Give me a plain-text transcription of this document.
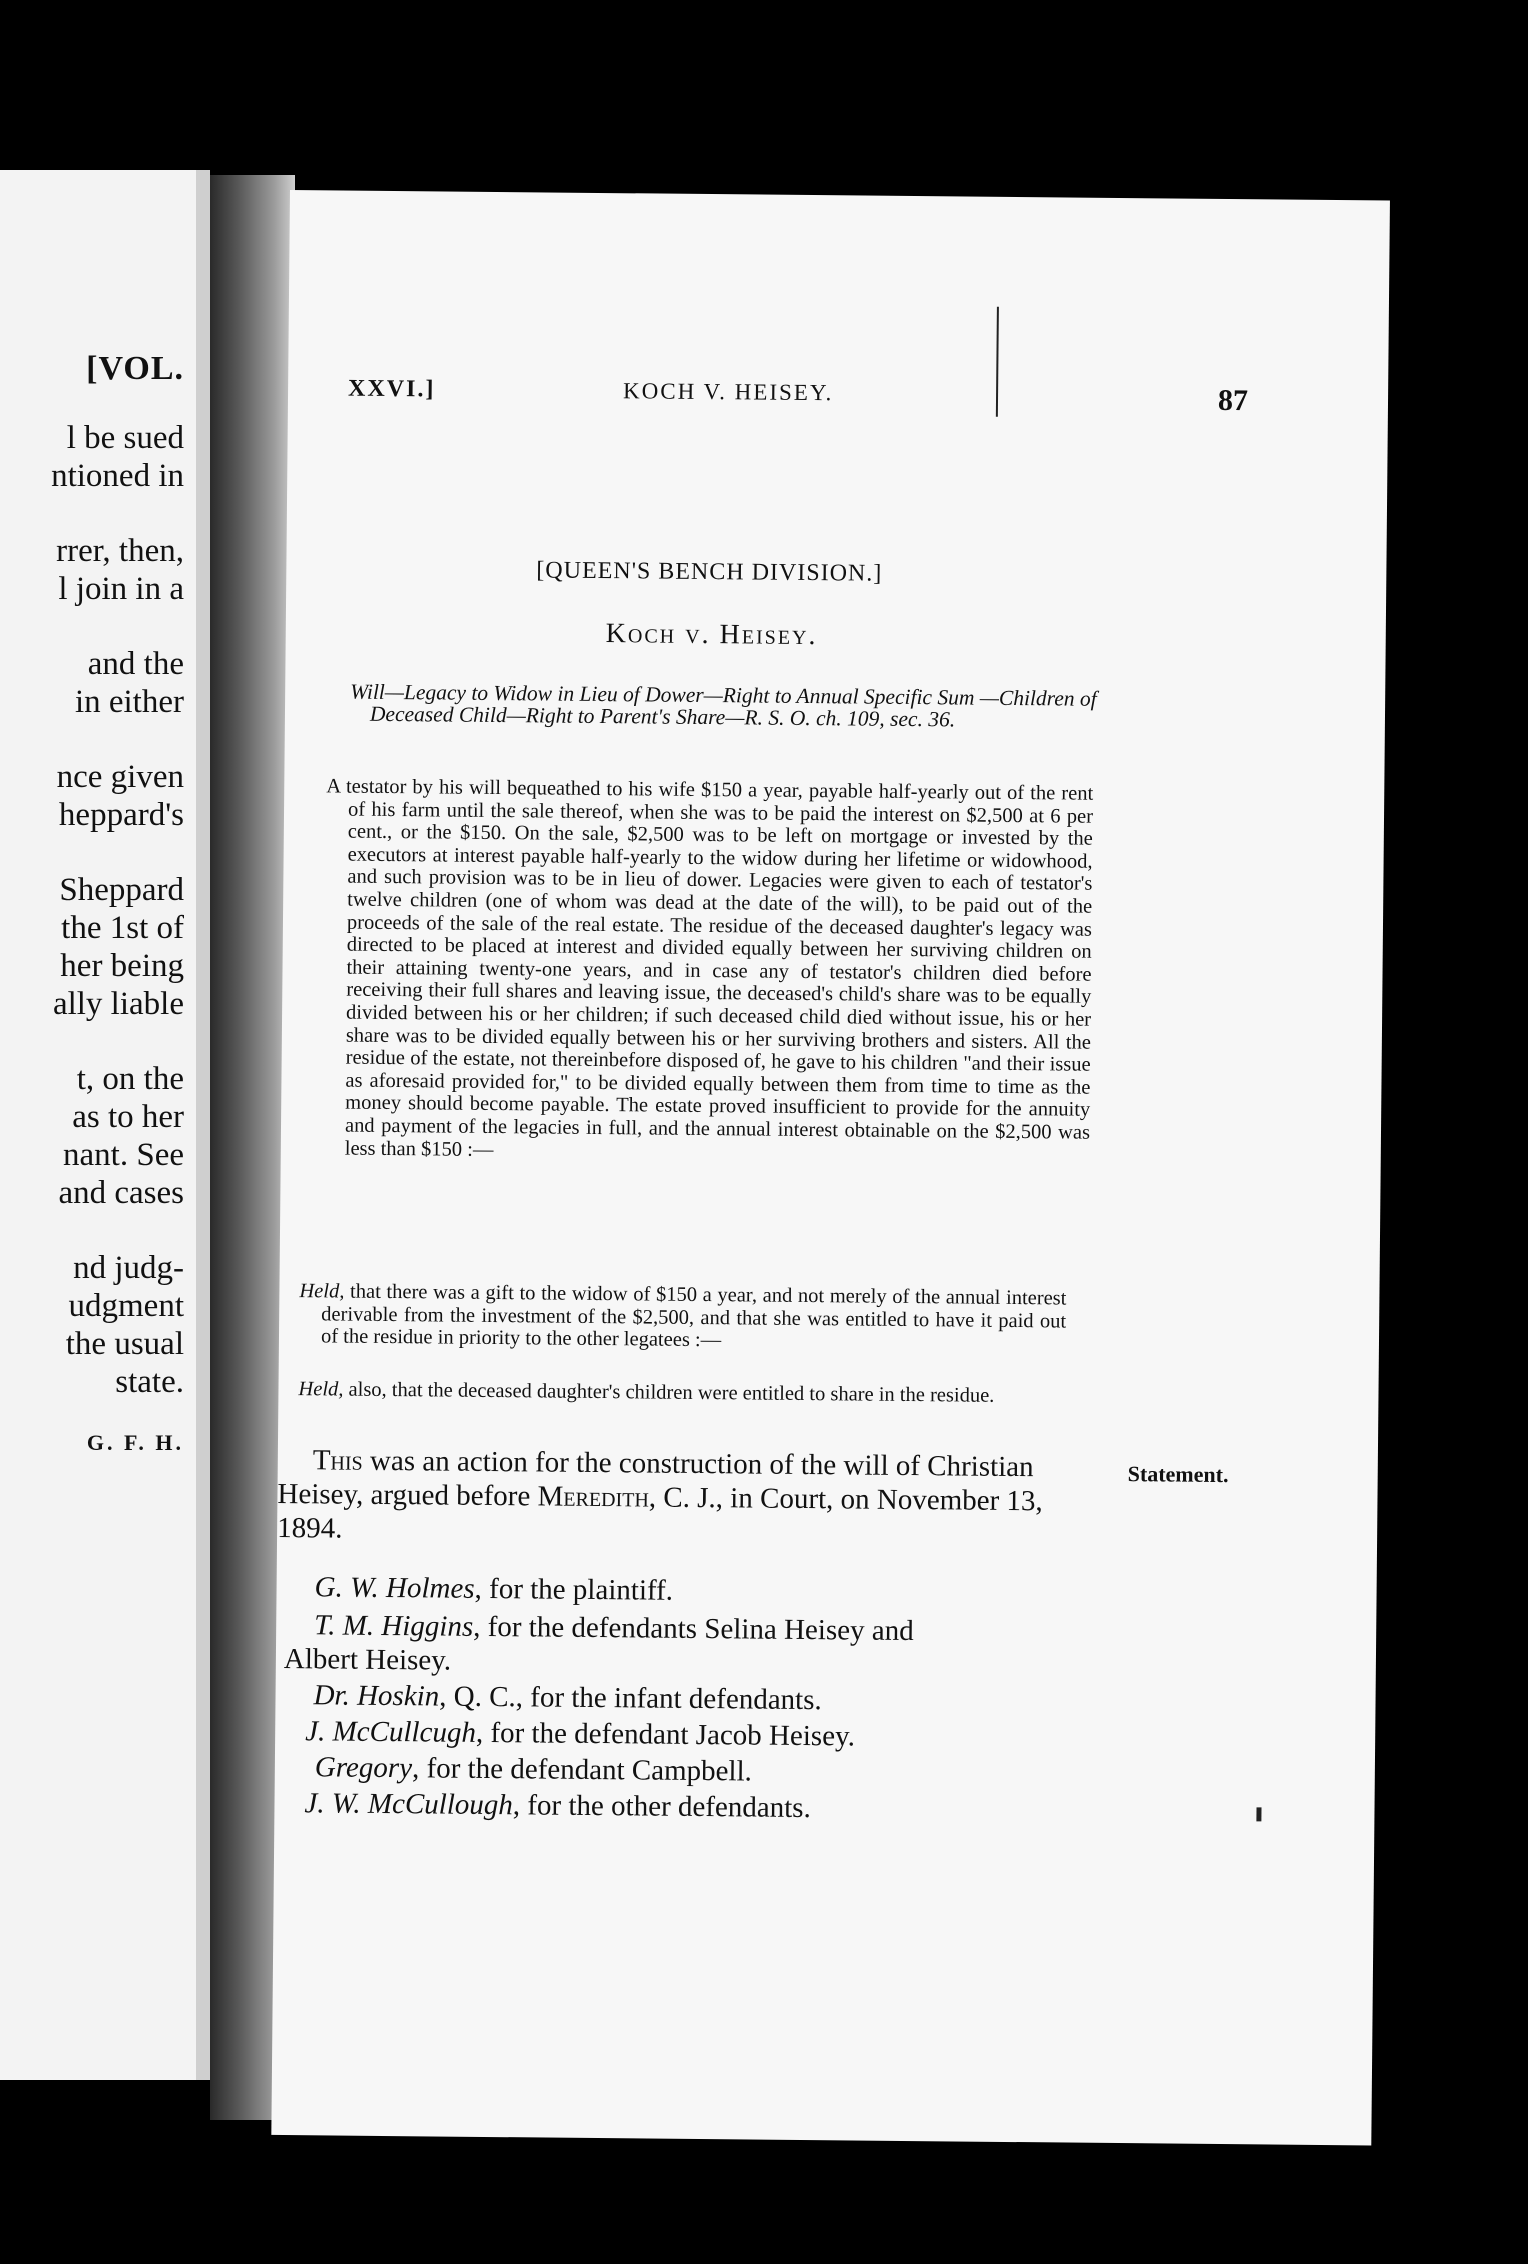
[VOL.
l be sued
ntioned in
rrer, then,
l join in a
and the
in either
nce given
heppard's
Sheppard
the 1st of
her being
ally liable
t, on the
as to her
nant. See
and cases
nd judg-
udgment
the usual
state.
G. F. H.
XXVI.]	KOCH V. HEISEY.	87
[QUEEN'S BENCH DIVISION.]
Koch v. Heisey.
Will—Legacy to Widow in Lieu of Dower—Right to Annual Specific Sum —Children of Deceased Child—Right to Parent's Share—R. S. O. ch. 109, sec. 36.
A testator by his will bequeathed to his wife $150 a year, payable half-yearly out of the rent of his farm until the sale thereof, when she was to be paid the interest on $2,500 at 6 per cent., or the $150. On the sale, $2,500 was to be left on mortgage or invested by the executors at interest payable half-yearly to the widow during her lifetime or widowhood, and such provision was to be in lieu of dower. Legacies were given to each of testator's twelve children (one of whom was dead at the date of the will), to be paid out of the proceeds of the sale of the real estate. The residue of the deceased daughter's legacy was directed to be placed at interest and divided equally between her surviving children on their attaining twenty-one years, and in case any of testator's children died before receiving their full shares and leaving issue, the deceased's child's share was to be equally divided between his or her children; if such deceased child died without issue, his or her share was to be divided equally between his or her surviving brothers and sisters. All the residue of the estate, not thereinbefore disposed of, he gave to his children "and their issue as aforesaid provided for," to be divided equally between them from time to time as the money should become payable. The estate proved insufficient to provide for the annuity and payment of the legacies in full, and the annual interest obtainable on the $2,500 was less than $150 :—
Held, that there was a gift to the widow of $150 a year, and not merely of the annual interest derivable from the investment of the $2,500, and that she was entitled to have it paid out of the residue in priority to the other legatees :—
Held, also, that the deceased daughter's children were entitled to share in the residue.
This was an action for the construction of the will of Christian Heisey, argued before Meredith, C. J., in Court, on November 13, 1894.
Statement.
G. W. Holmes, for the plaintiff.
T. M. Higgins, for the defendants Selina Heisey and
Albert Heisey.
Dr. Hoskin, Q. C., for the infant defendants.
J. McCullcugh, for the defendant Jacob Heisey.
Gregory, for the defendant Campbell.
J. W. McCullough, for the other defendants.
